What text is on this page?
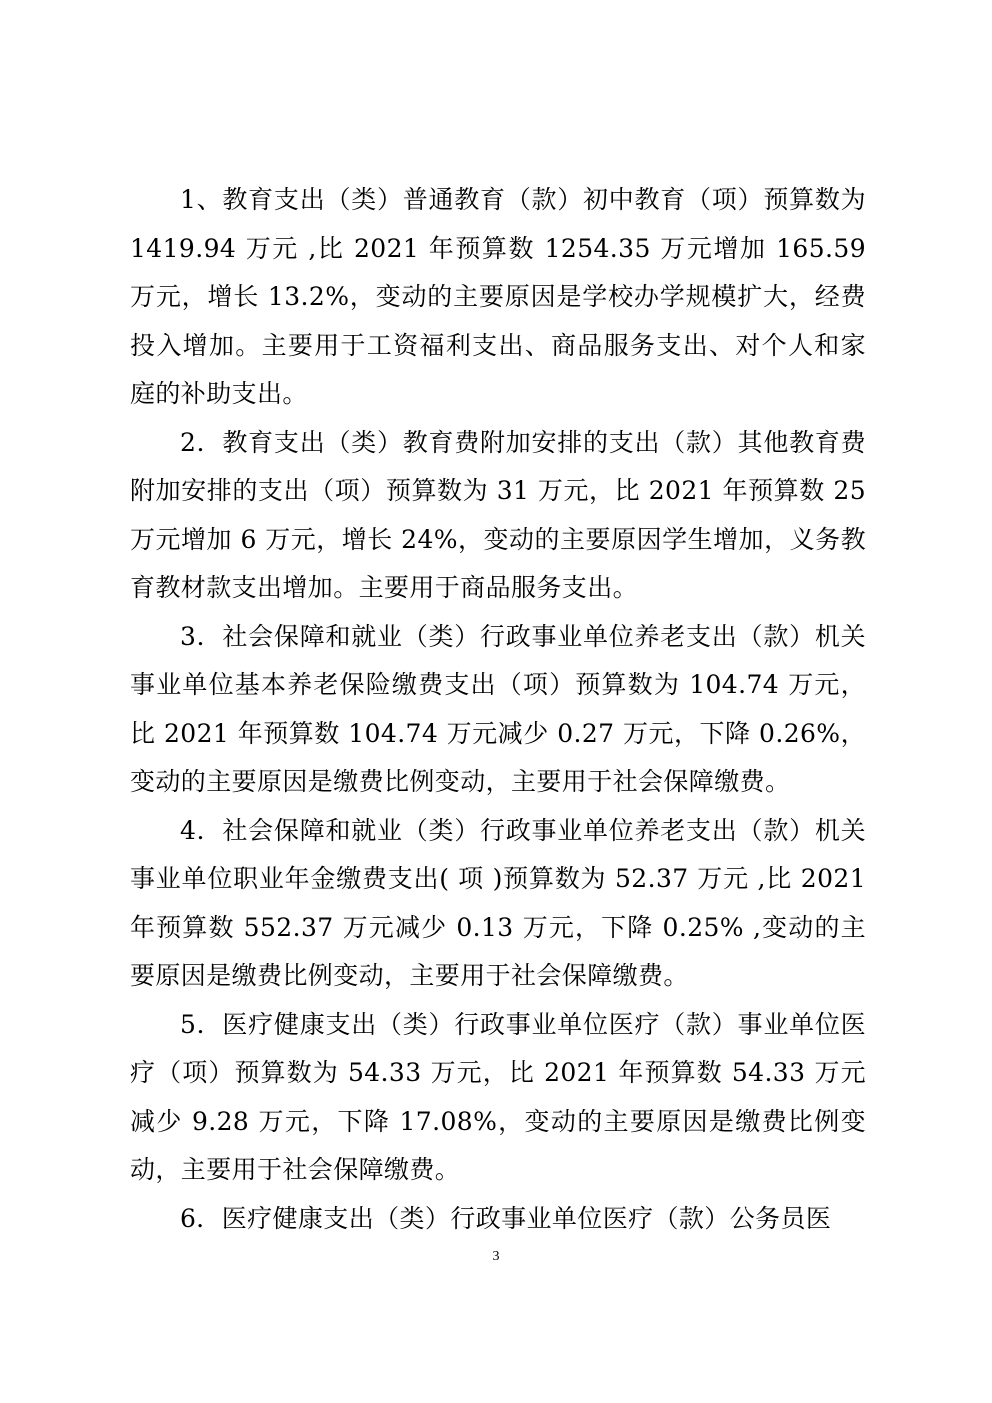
1、教育支出（类）普通教育（款）初中教育（项）预算数为 1419.94 万元 ,比 2021 年预算数 1254.35 万元增加 165.59 万元，增长 13.2%，变动的主要原因是学校办学规模扩大，经费投入增加。主要用于工资福利支出、商品服务支出、对个人和家庭的补助支出。

2．教育支出（类）教育费附加安排的支出（款）其他教育费附加安排的支出（项）预算数为 31 万元，比 2021 年预算数 25 万元增加 6 万元，增长 24%，变动的主要原因学生增加，义务教育教材款支出增加。主要用于商品服务支出。

3．社会保障和就业（类）行政事业单位养老支出（款）机关事业单位基本养老保险缴费支出（项）预算数为 104.74 万元，比 2021 年预算数 104.74 万元减少 0.27 万元，下降 0.26%，变动的主要原因是缴费比例变动，主要用于社会保障缴费。

4．社会保障和就业（类）行政事业单位养老支出（款）机关事业单位职业年金缴费支出( 项 )预算数为 52.37 万元 ,比 2021 年预算数 552.37 万元减少 0.13 万元，下降 0.25% ,变动的主要原因是缴费比例变动，主要用于社会保障缴费。

5．医疗健康支出（类）行政事业单位医疗（款）事业单位医疗（项）预算数为 54.33 万元，比 2021 年预算数 54.33 万元减少 9.28 万元，下降 17.08%，变动的主要原因是缴费比例变动，主要用于社会保障缴费。

6．医疗健康支出（类）行政事业单位医疗（款）公务员医

3
